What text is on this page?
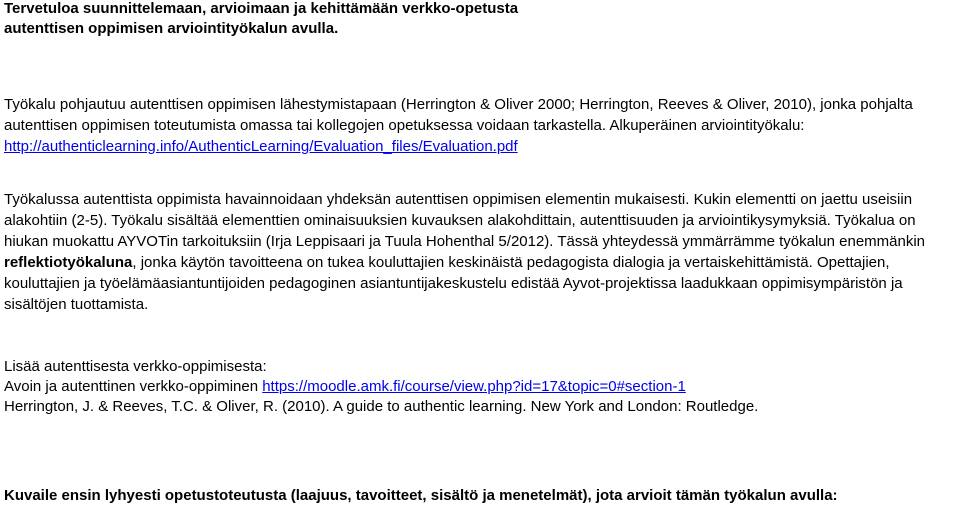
Tervetuloa suunnittelemaan, arvioimaan ja kehittämään verkko-opetusta
autenttisen oppimisen arviointityökalun avulla.
Työkalu pohjautuu autenttisen oppimisen lähestymistapaan (Herrington & Oliver 2000; Herrington, Reeves & Oliver, 2010), jonka pohjalta
autenttisen oppimisen toteutumista omassa tai kollegojen opetuksessa voidaan tarkastella. Alkuperäinen arviointityökalu:
http://authenticlearning.info/AuthenticLearning/Evaluation_files/Evaluation.pdf
Työkalussa autenttista oppimista havainnoidaan yhdeksän autenttisen oppimisen elementin mukaisesti. Kukin elementti on jaettu useisiin
alakohtiin (2-5). Työkalu sisältää elementtien ominaisuuksien kuvauksen alakohdittain, autenttisuuden ja arviointikysymyksiä. Työkalua on
hiukan muokattu AYVOTin tarkoituksiin (Irja Leppisaari ja Tuula Hohenthal 5/2012). Tässä yhteydessä ymmärrämme työkalun enemmänkin
reflektiotyökaluna, jonka käytön tavoitteena on tukea kouluttajien keskinäistä pedagogista dialogia ja vertaiskehittämistä. Opettajien,
kouluttajien ja työelämäasiantuntijoiden pedagoginen asiantuntijakeskustelu edistää Ayvot-projektissa laadukkaan oppimisympäristön ja
sisältöjen tuottamista.
Lisää autenttisesta verkko-oppimisesta:
Avoin ja autenttinen verkko-oppiminen https://moodle.amk.fi/course/view.php?id=17&topic=0#section-1
Herrington, J. & Reeves, T.C. & Oliver, R. (2010). A guide to authentic learning. New York and London: Routledge.
Kuvaile ensin lyhyesti opetustoteutusta (laajuus, tavoitteet, sisältö ja menetelmät), jota arvioit tämän työkalun avulla:
